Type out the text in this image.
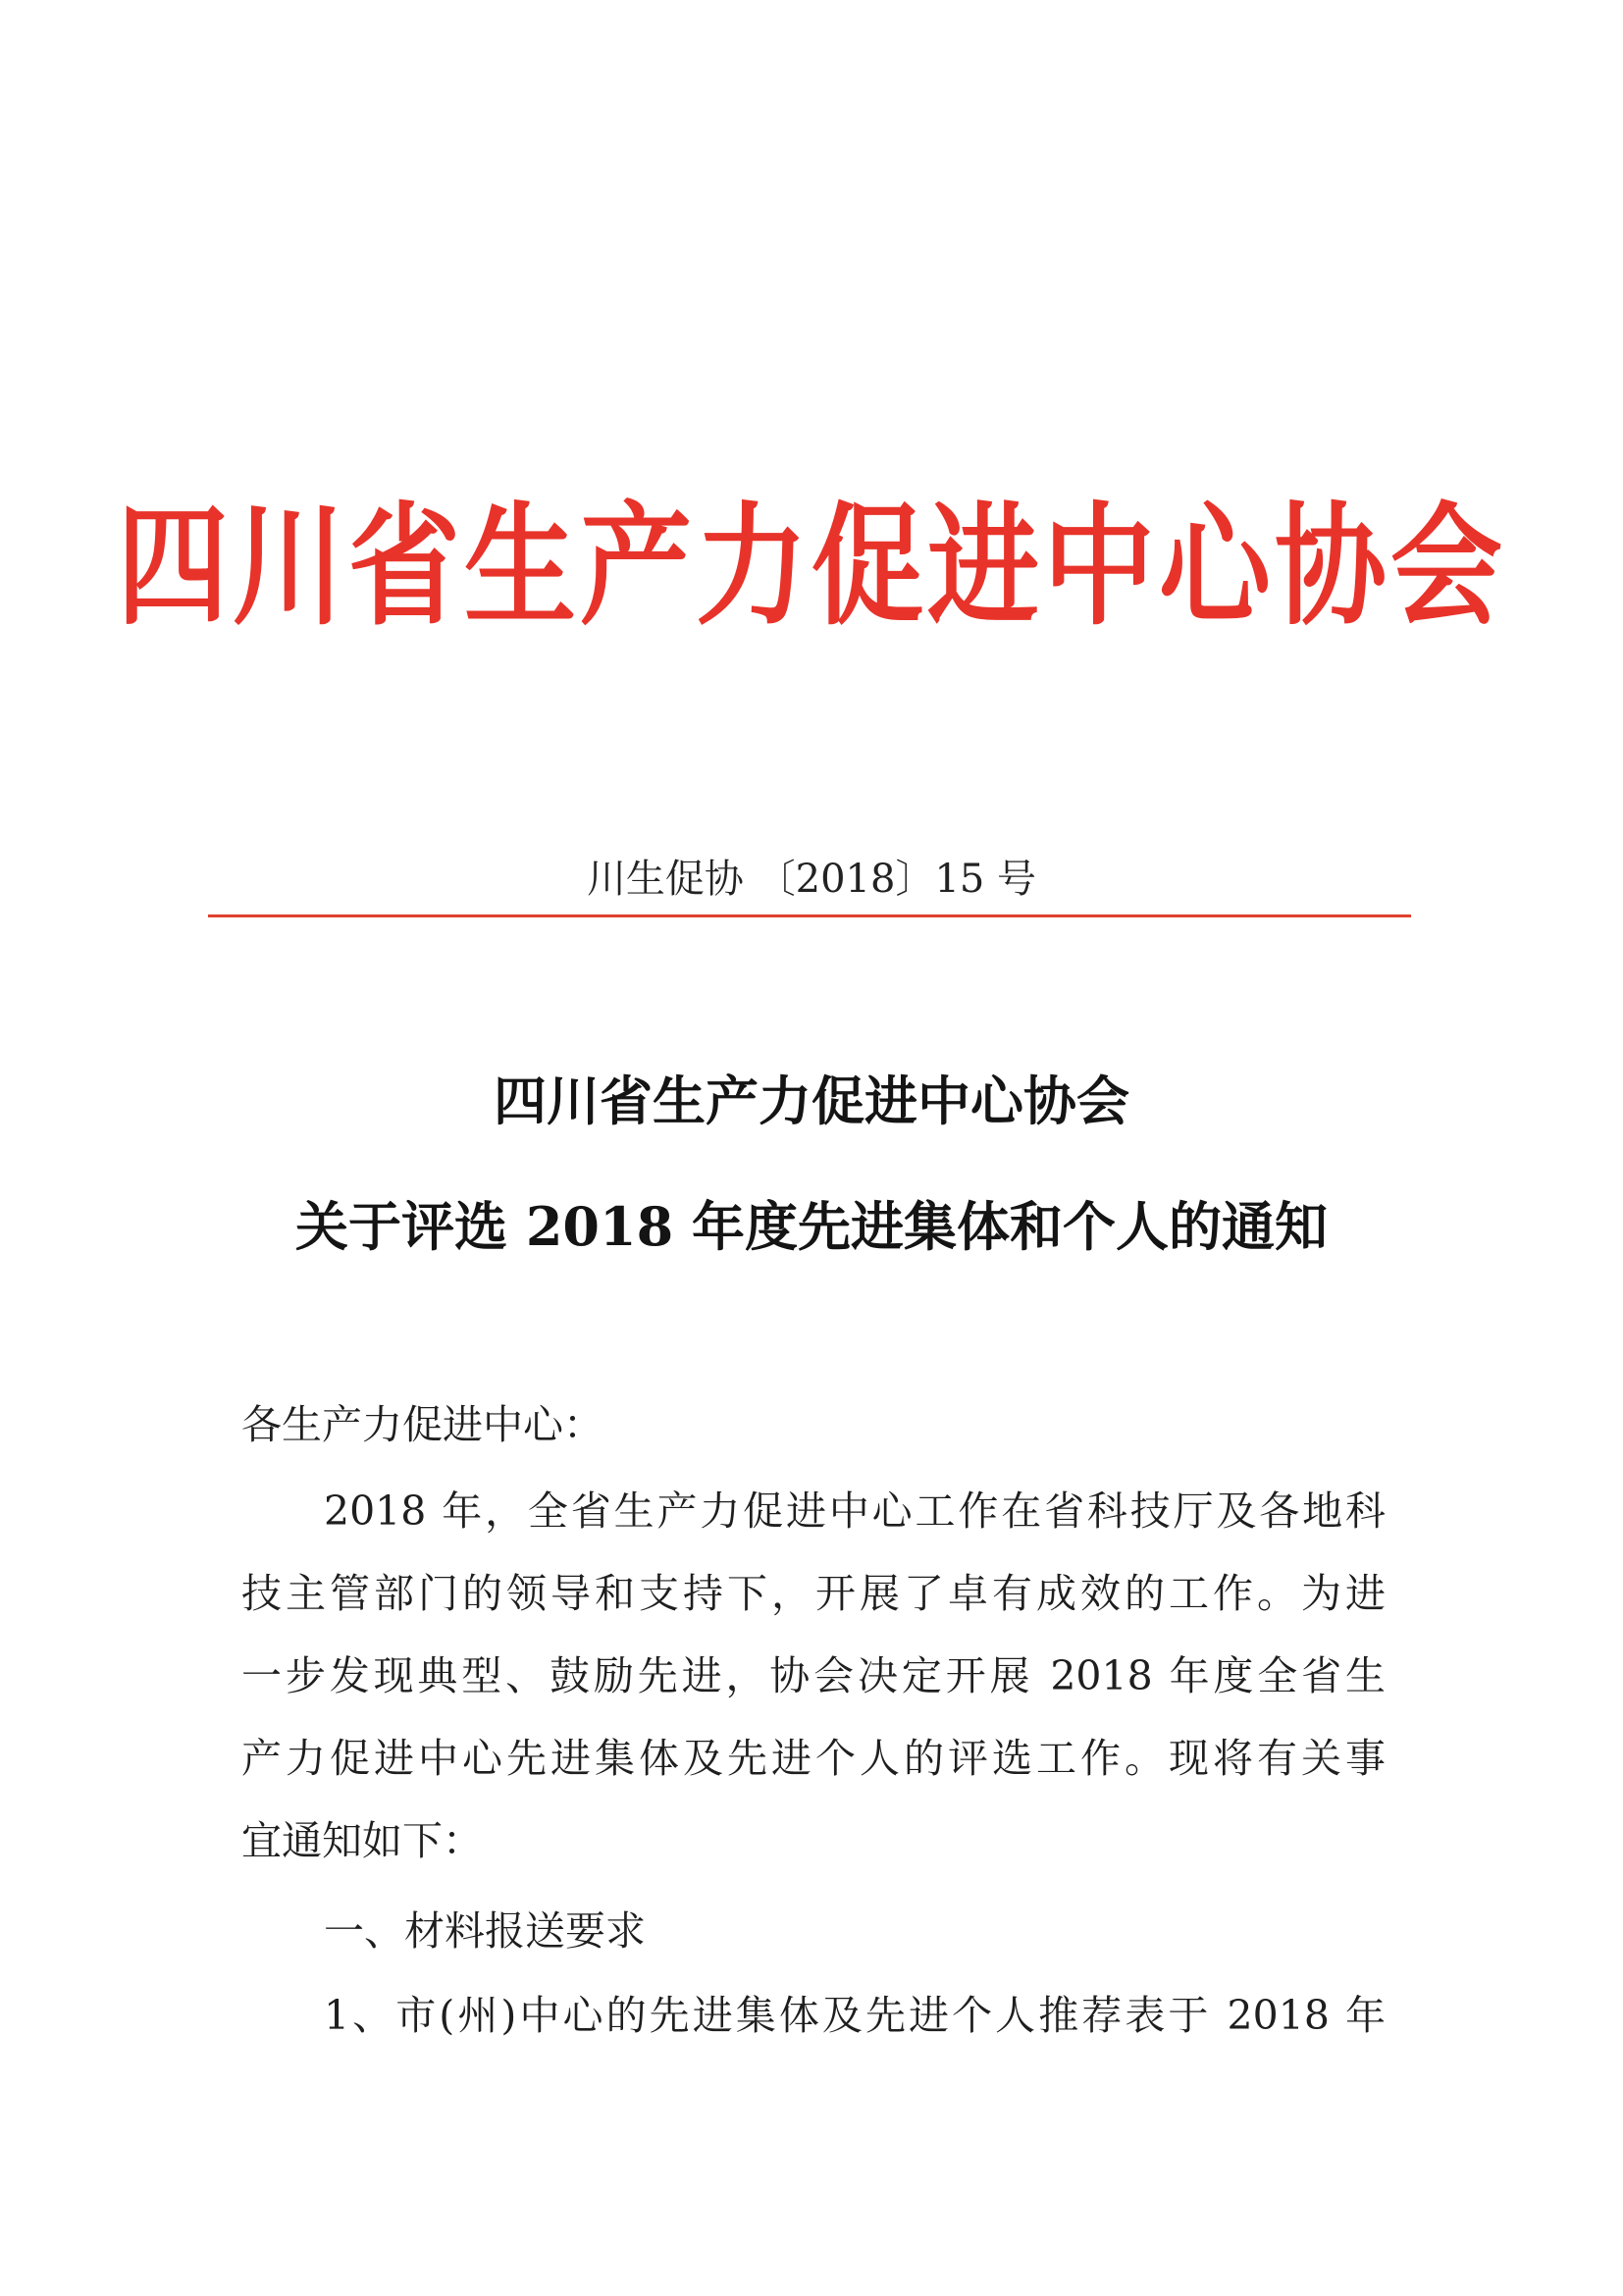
四川省生产力促进中心协会
川生促协 〔2018〕15 号
四川省生产力促进中心协会
关于评选 2018 年度先进集体和个人的通知
各生产力促进中心：
2018 年，全省生产力促进中心工作在省科技厅及各地科
技主管部门的领导和支持下，开展了卓有成效的工作。为进
一步发现典型、鼓励先进，协会决定开展 2018 年度全省生
产力促进中心先进集体及先进个人的评选工作。现将有关事
宜通知如下：
一、材料报送要求
1、市(州)中心的先进集体及先进个人推荐表于 2018 年
